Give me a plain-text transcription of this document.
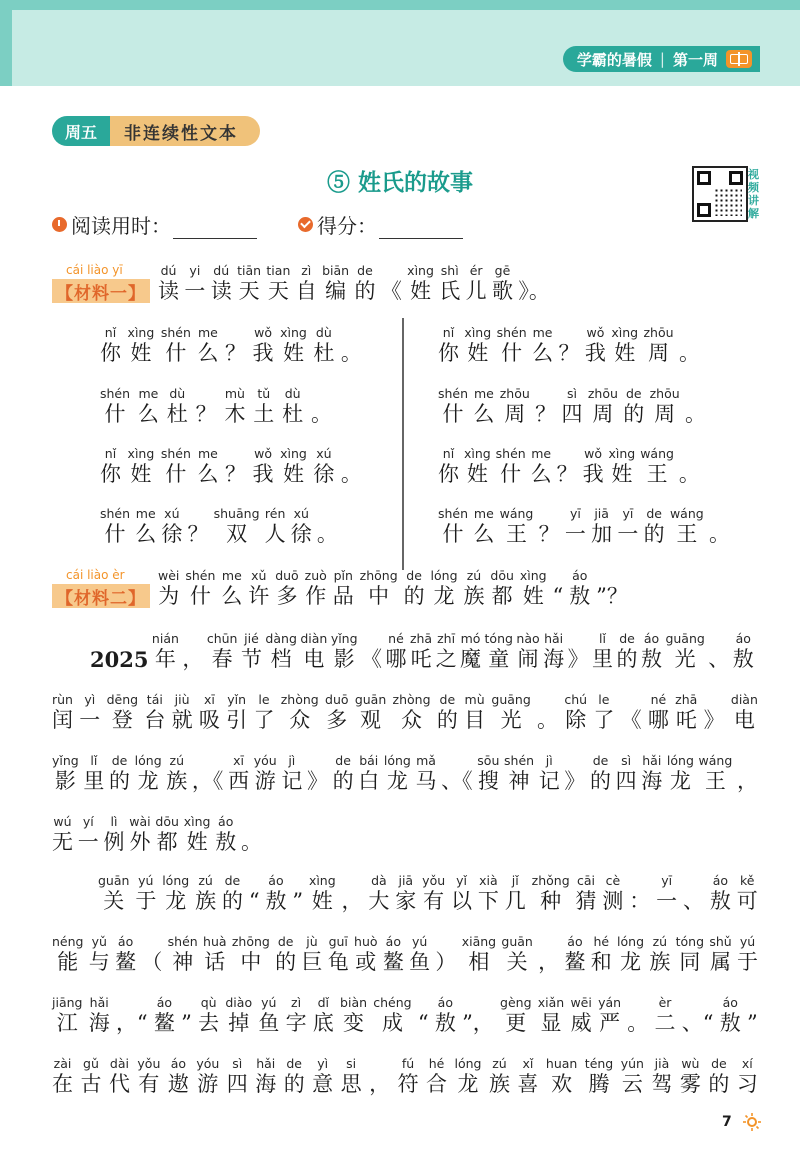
学霸的暑假 | 第一周
周五	非连续性文本
⑤ 姓氏的故事	视频讲解
阅读用时：	得分：
cái liào yī
【材料一】
cái liào èr
【材料二】
dú
读
yi
一
dú
读
tiān
天
tian
天
zì
自
biān
编
de
的 《
xìng
姓
shì
氏
ér
儿
gē
歌 》。
nǐ
你
xìng
姓
shén
什
me
么 ？
wǒ
我
xìng
姓
dù
杜 。
shén
什
me
么
dù
杜 ？
mù
木
tǔ
土
dù
杜 。
nǐ
你
xìng
姓
shén
什
me
么 ？
wǒ
我
xìng
姓
xú
徐 。
shén
什
me
么
xú
徐 ？
shuāng
双
rén
人
xú
徐 。
nǐ
你
xìng
姓
shén
什
me
么 ？
wǒ
我
xìng
姓
zhōu
周 。
shén
什
me
么
zhōu
周 ？
sì
四
zhōu
周
de
的
zhōu
周 。
nǐ
你
xìng
姓
shén
什
me
么 ？
wǒ
我
xìng
姓
wáng
王 。
shén
什
me
么
wáng
王 ？
yī
一
jiā
加
yī
一
de
的
wáng
王 。
wèi
为
shén
什
me
么
xǔ
许
duō
多
zuò
作
pǐn
品
zhōng
中
de
的
lóng
龙
zú
族
dōu
都
xìng
姓 “
áo
敖 ”？
2025
nián
年 ，
chūn
春
jié
节
dàng
档
diàn
电
yǐng
影 《
né
哪
zhā
吒
zhī
之
mó
魔
tóng
童
nào
闹
hǎi
海 》
lǐ
里
de
的
áo
敖
guāng
光 、
áo
敖
rùn
闰
yì
一
dēng
登
tái
台
jiù
就
xī
吸
yǐn
引
le
了
zhòng
众
duō
多
guān
观
zhòng
众
de
的
mù
目
guāng
光 。
chú
除
le
了 《
né
哪
zhā
吒 》
diàn
电
yǐng
影
lǐ
里
de
的
lóng
龙
zú
族 ，《
xī
西
yóu
游
jì
记 》
de
的
bái
白
lóng
龙
mǎ
马 、《
sōu
搜
shén
神
jì
记 》
de
的
sì
四
hǎi
海
lóng
龙
wáng
王 ，
wú
无
yí
一
lì
例
wài
外
dōu
都
xìng
姓
áo
敖 。
guān
关
yú
于
lóng
龙
zú
族
de
的 “
áo
敖 ”
xìng
姓 ，
dà
大
jiā
家
yǒu
有
yǐ
以
xià
下
jǐ
几
zhǒng
种
cāi
猜
cè
测 ：
yī
一 、
áo
敖
kě
可
néng
能
yǔ
与
áo
鳌 （
shén
神
huà
话
zhōng
中
de
的
jù
巨
guī
龟
huò
或
áo
鳌
yú
鱼 ）
xiāng
相
guān
关 ，
áo
鳌
hé
和
lóng
龙
zú
族
tóng
同
shǔ
属
yú
于
jiāng
江
hǎi
海 ，“
áo
鳌 ”
qù
去
diào
掉
yú
鱼
zì
字
dǐ
底
biàn
变
chéng
成 “
áo
敖 ”，
gèng
更
xiǎn
显
wēi
威
yán
严 。
èr
二 、“
áo
敖 ”
zài
在
gǔ
古
dài
代
yǒu
有
áo
遨
yóu
游
sì
四
hǎi
海
de
的
yì
意
si
思 ，
fú
符
hé
合
lóng
龙
zú
族
xǐ
喜
huan
欢
téng
腾
yún
云
jià
驾
wù
雾
de
的
xí
习
7
